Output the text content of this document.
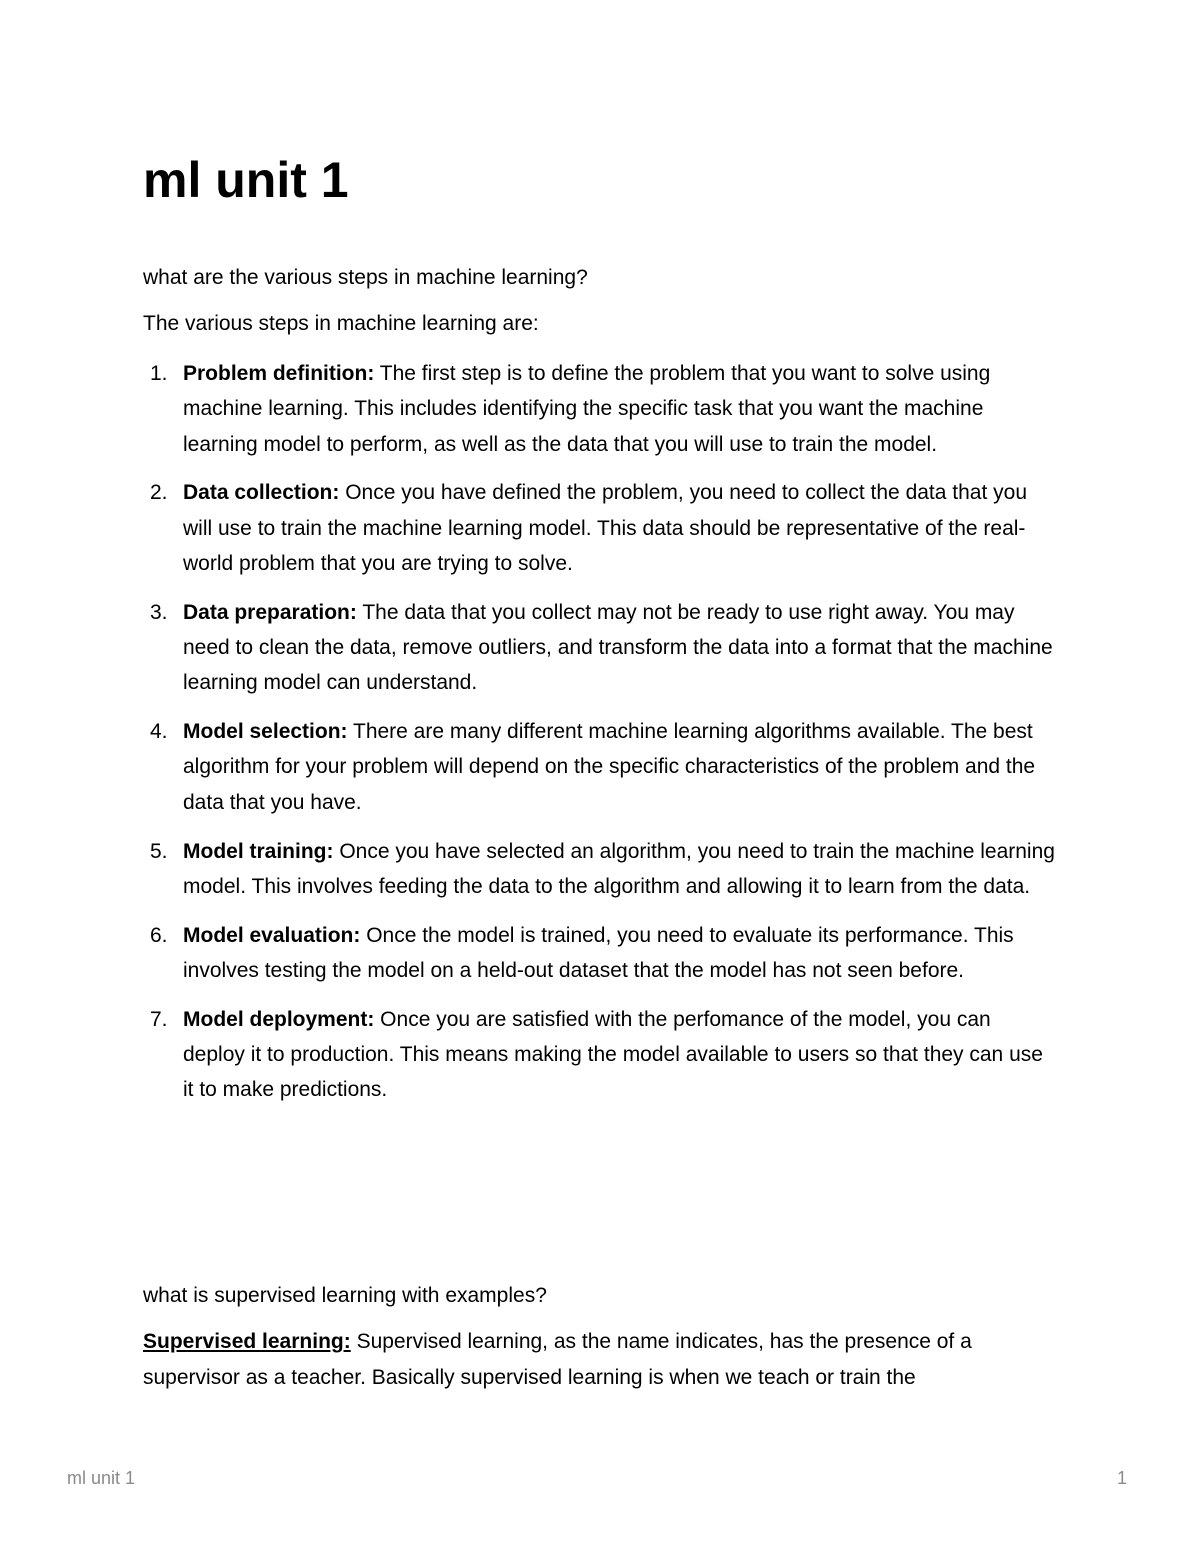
ml unit 1

what are the various steps in machine learning?

The various steps in machine learning are:

1. Problem definition: The first step is to define the problem that you want to solve using machine learning. This includes identifying the specific task that you want the machine learning model to perform, as well as the data that you will use to train the model.
2. Data collection: Once you have defined the problem, you need to collect the data that you will use to train the machine learning model. This data should be representative of the real-world problem that you are trying to solve.
3. Data preparation: The data that you collect may not be ready to use right away. You may need to clean the data, remove outliers, and transform the data into a format that the machine learning model can understand.
4. Model selection: There are many different machine learning algorithms available. The best algorithm for your problem will depend on the specific characteristics of the problem and the data that you have.
5. Model training: Once you have selected an algorithm, you need to train the machine learning model. This involves feeding the data to the algorithm and allowing it to learn from the data.
6. Model evaluation: Once the model is trained, you need to evaluate its performance. This involves testing the model on a held-out dataset that the model has not seen before.
7. Model deployment: Once you are satisfied with the perfomance of the model, you can deploy it to production. This means making the model available to users so that they can use it to make predictions.

what is supervised learning with examples?

Supervised learning: Supervised learning, as the name indicates, has the presence of a supervisor as a teacher. Basically supervised learning is when we teach or train the

ml unit 1	1
